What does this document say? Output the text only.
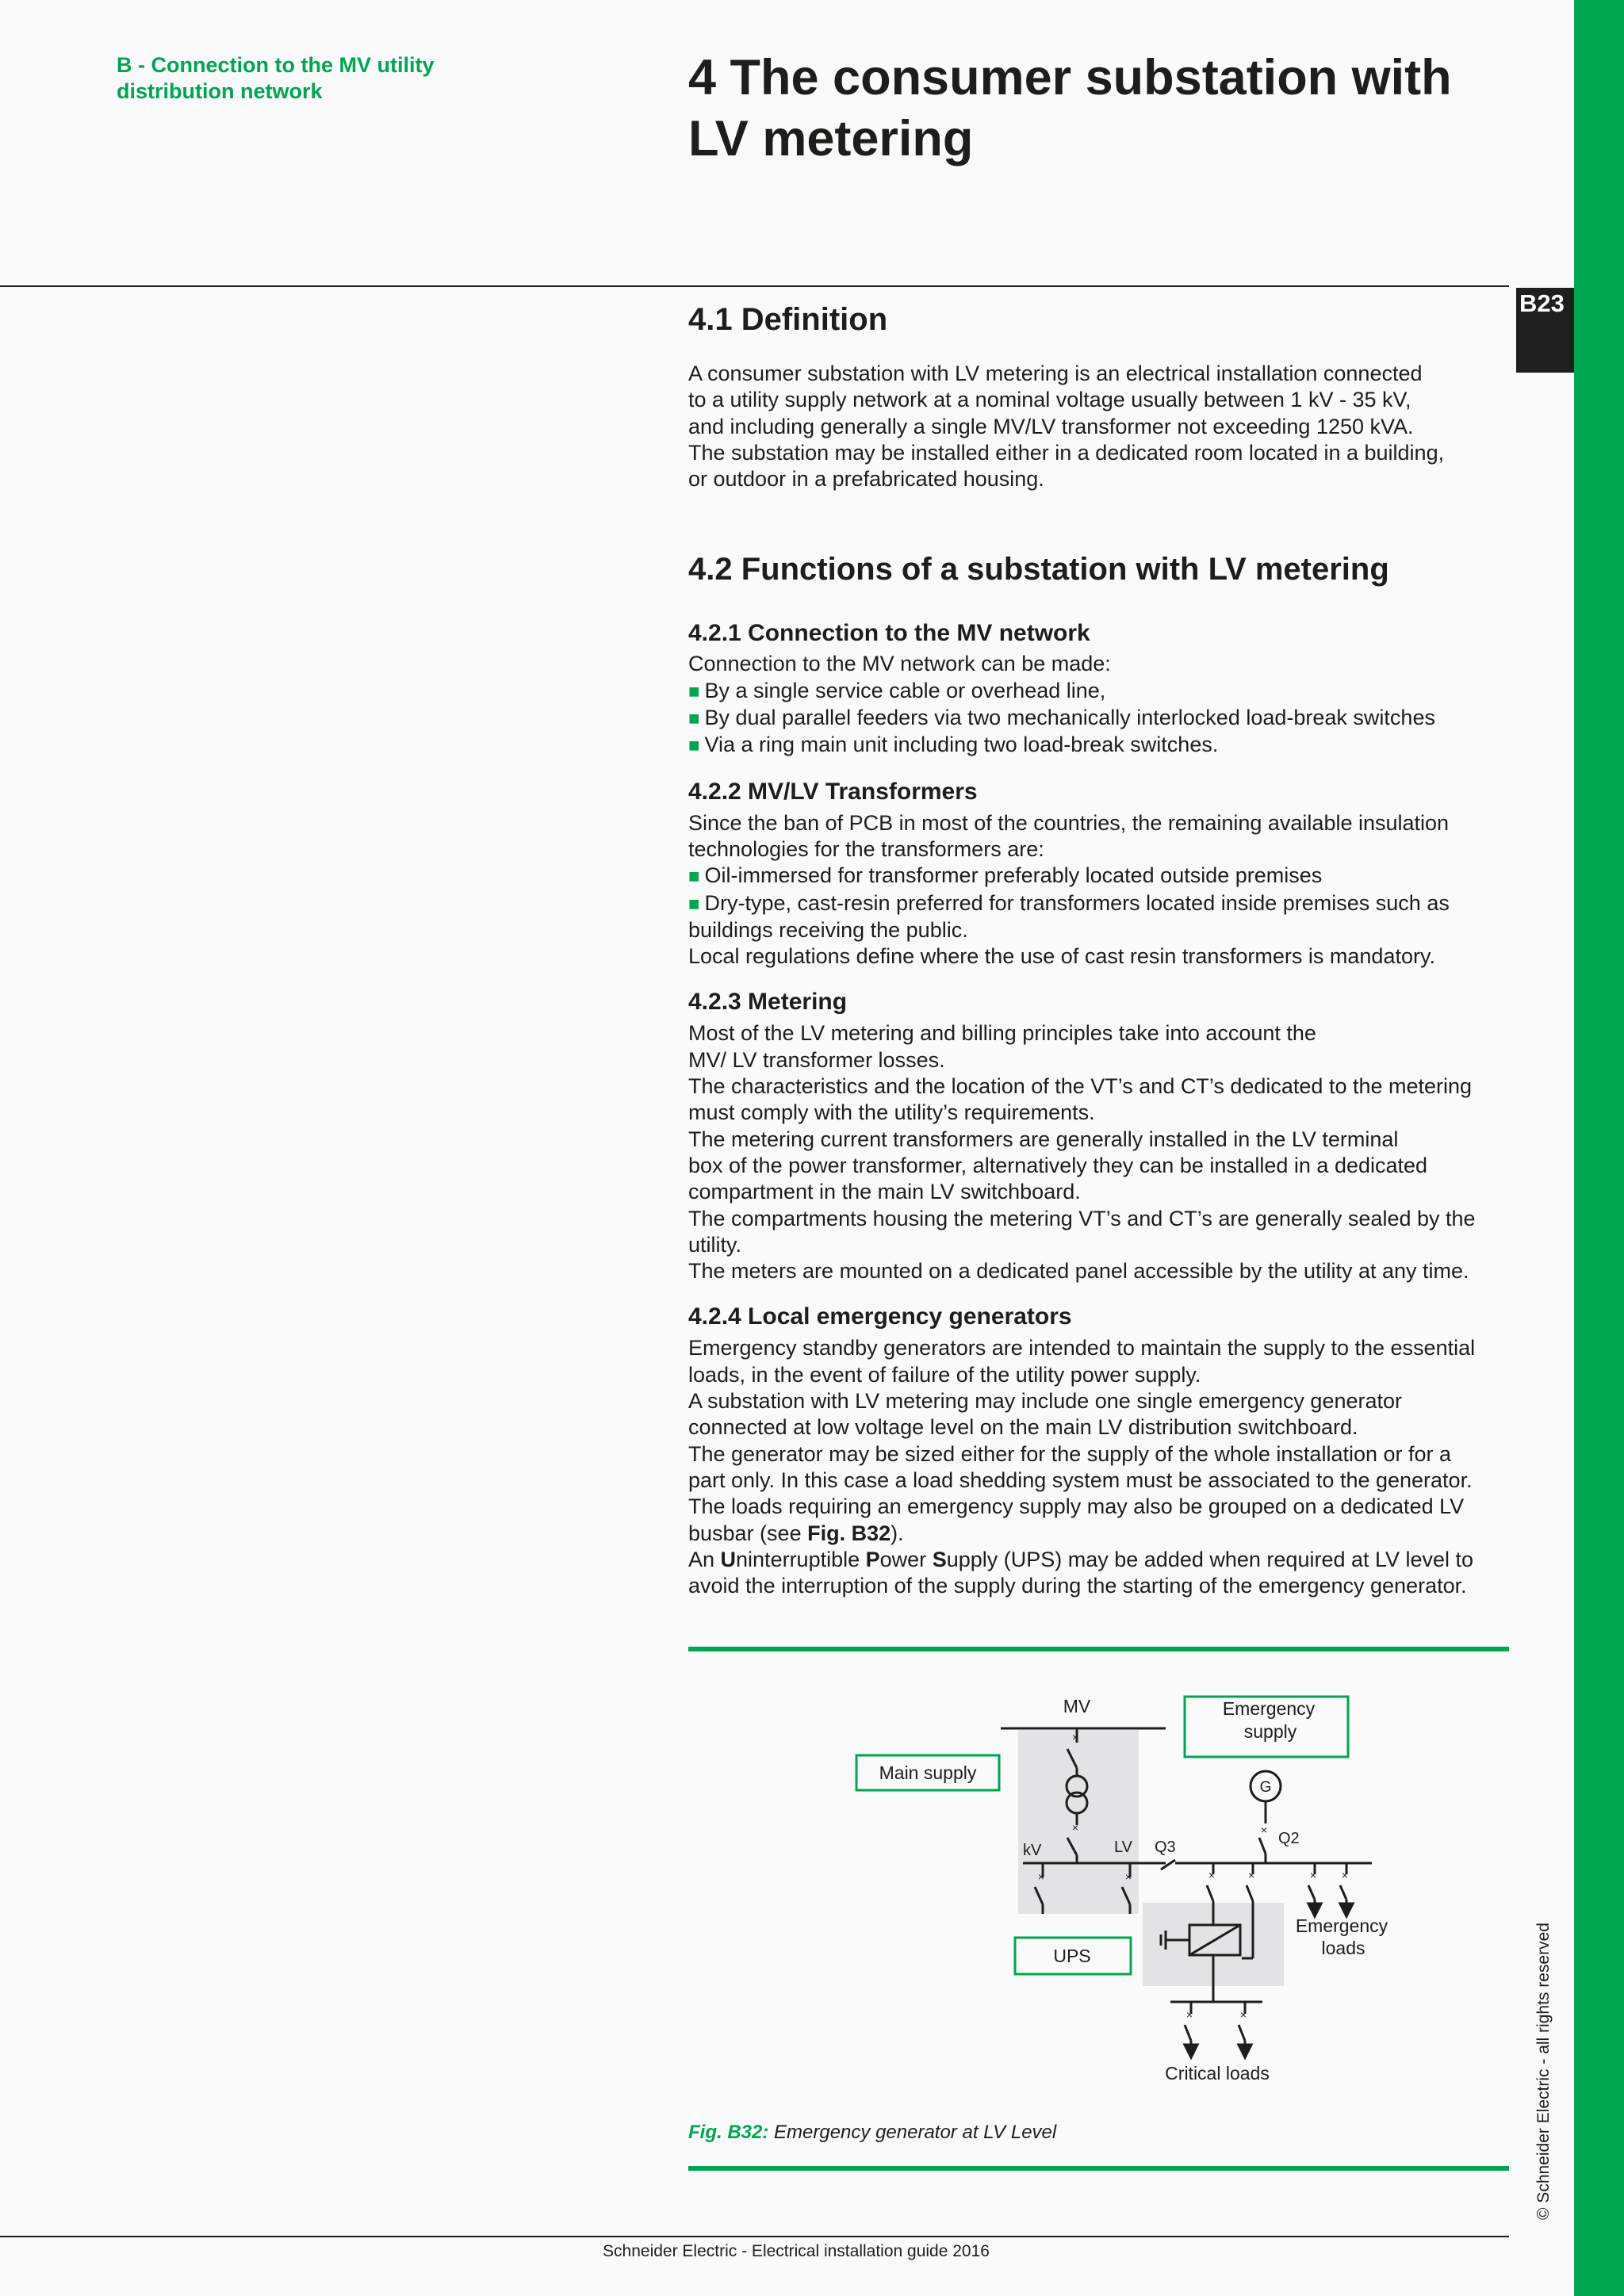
B23
© Schneider Electric - all rights reserved
B - Connection to the MV utility distribution network	4 The consumer substation with LV metering
4.1 Definition

A consumer substation with LV metering is an electrical installation connected

to a utility supply network at a nominal voltage usually between 1 kV - 35 kV,

and including generally a single MV/LV transformer not exceeding 1250 kVA.

The substation may be installed either in a dedicated room located in a building,

or outdoor in a prefabricated housing.

4.2 Functions of a substation with LV metering
4.2.1 Connection to the MV network

Connection to the MV network can be made:

■ By a single service cable or overhead line,

■ By dual parallel feeders via two mechanically interlocked load-break switches

■ Via a ring main unit including two load-break switches.

4.2.2 MV/LV Transformers

Since the ban of PCB in most of the countries, the remaining available insulation

technologies for the transformers are:

■ Oil-immersed for transformer preferably located outside premises

■ Dry-type, cast-resin preferred for transformers located inside premises such as

buildings receiving the public.

Local regulations define where the use of cast resin transformers is mandatory.

4.2.3 Metering

Most of the LV metering and billing principles take into account the

MV/ LV transformer losses.

The characteristics and the location of the VT’s and CT’s dedicated to the metering

must comply with the utility’s requirements.

The metering current transformers are generally installed in the LV terminal

box of the power transformer, alternatively they can be installed in a dedicated

compartment in the main LV switchboard.

The compartments housing the metering VT’s and CT’s are generally sealed by the

utility.

The meters are mounted on a dedicated panel accessible by the utility at any time.

4.2.4 Local emergency generators

Emergency standby generators are intended to maintain the supply to the essential

loads, in the event of failure of the utility power supply.

A substation with LV metering may include one single emergency generator

connected at low voltage level on the main LV distribution switchboard.

The generator may be sized either for the supply of the whole installation or for a

part only. In this case a load shedding system must be associated to the generator.

The loads requiring an emergency supply may also be grouped on a dedicated LV

busbar (see Fig. B32).

An Uninterruptible Power Supply (UPS) may be added when required at LV level to

avoid the interruption of the supply during the starting of the emergency generator.

×
×
×	×
×
×	×	× ×
×	×
MV
Main supply
Emergency
supply
G
Q2
Q3
kV	LV
UPS
Emergency
loads
Critical loads
Fig. B32: Emergency generator at LV Level
Schneider Electric - Electrical installation guide 2016
